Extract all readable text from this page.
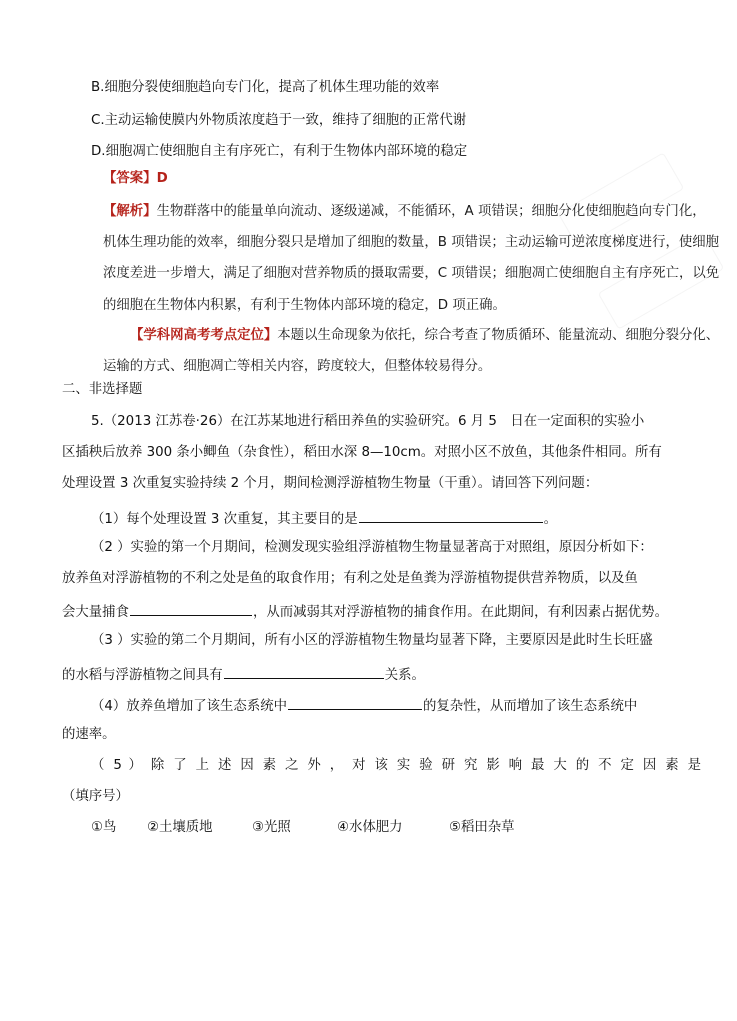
B.细胞分裂使细胞趋向专门化，提高了机体生理功能的效率
C.主动运输使膜内外物质浓度趋于一致，维持了细胞的正常代谢
D.细胞凋亡使细胞自主有序死亡，有利于生物体内部环境的稳定
【答案】D
【解析】生物群落中的能量单向流动、逐级递减，不能循环，A 项错误；细胞分化使细胞趋向专门化，
机体生理功能的效率，细胞分裂只是增加了细胞的数量，B 项错误；主动运输可逆浓度梯度进行，使细胞
浓度差进一步增大，满足了细胞对营养物质的摄取需要，C 项错误；细胞凋亡使细胞自主有序死亡，以免
的细胞在生物体内积累，有利于生物体内部环境的稳定，D 项正确。
【学科网高考考点定位】本题以生命现象为依托，综合考查了物质循环、能量流动、细胞分裂分化、
运输的方式、细胞凋亡等相关内容，跨度较大，但整体较易得分。
二、非选择题
5.（2013 江苏卷·26）在江苏某地进行稻田养鱼的实验研究。6 月 5　日在一定面积的实验小
区插秧后放养 300 条小鲫鱼（杂食性），稻田水深 8—10cm。对照小区不放鱼，其他条件相同。所有
处理设置 3 次重复实验持续 2 个月，期间检测浮游植物生物量（干重）。请回答下列问题：
（1）每个处理设置 3 次重复，其主要目的是	。
（2 ）实验的第一个月期间，检测发现实验组浮游植物生物量显著高于对照组，原因分析如下：
放养鱼对浮游植物的不利之处是鱼的取食作用；有利之处是鱼粪为浮游植物提供营养物质，以及鱼
会大量捕食	，从而减弱其对浮游植物的捕食作用。在此期间，有利因素占据优势。
（3 ）实验的第二个月期间，所有小区的浮游植物生物量均显著下降，主要原因是此时生长旺盛
的水稻与浮游植物之间具有	关系。
（4）放养鱼增加了该生态系统中	的复杂性，从而增加了该生态系统中
的速率。
（ 5 ） 除 了 上 述 因 素 之 外 ， 对 该 实 验 研 究 影 响 最 大 的 不 定 因 素 是
（填序号）
①鸟 ②土壤质地	③光照	④水体肥力	⑤稻田杂草
